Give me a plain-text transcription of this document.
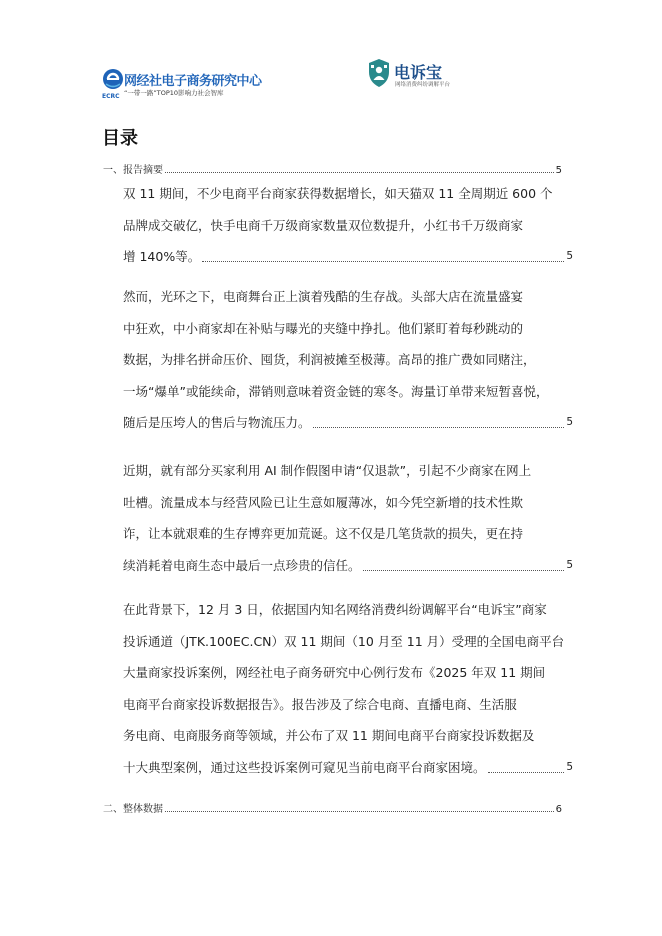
网经社电子商务研究中心
“一带一路”TOP10影响力社会智库
ECRC
电诉宝
网络消费纠纷调解平台
目录
一、报告摘要	5
双 11 期间，不少电商平台商家获得数据增长，如天猫双 11 全周期近 600 个
品牌成交破亿，快手电商千万级商家数量双位数提升，小红书千万级商家
增 140%等。	5
然而，光环之下，电商舞台正上演着残酷的生存战。头部大店在流量盛宴
中狂欢，中小商家却在补贴与曝光的夹缝中挣扎。他们紧盯着每秒跳动的
数据，为排名拼命压价、囤货，利润被摊至极薄。高昂的推广费如同赌注，
一场“爆单”或能续命，滞销则意味着资金链的寒冬。海量订单带来短暂喜悦，
随后是压垮人的售后与物流压力。	5
近期，就有部分买家利用 AI 制作假图申请“仅退款”，引起不少商家在网上
吐槽。流量成本与经营风险已让生意如履薄冰，如今凭空新增的技术性欺
诈，让本就艰难的生存博弈更加荒诞。这不仅是几笔货款的损失，更在持
续消耗着电商生态中最后一点珍贵的信任。	5
在此背景下，12 月 3 日，依据国内知名网络消费纠纷调解平台“电诉宝”商家
投诉通道（JTK.100EC.CN）双 11 期间（10 月至 11 月）受理的全国电商平台
大量商家投诉案例，网经社电子商务研究中心例行发布《2025 年双 11 期间
电商平台商家投诉数据报告》。报告涉及了综合电商、直播电商、生活服
务电商、电商服务商等领域，并公布了双 11 期间电商平台商家投诉数据及
十大典型案例，通过这些投诉案例可窥见当前电商平台商家困境。	5
二、整体数据	6
